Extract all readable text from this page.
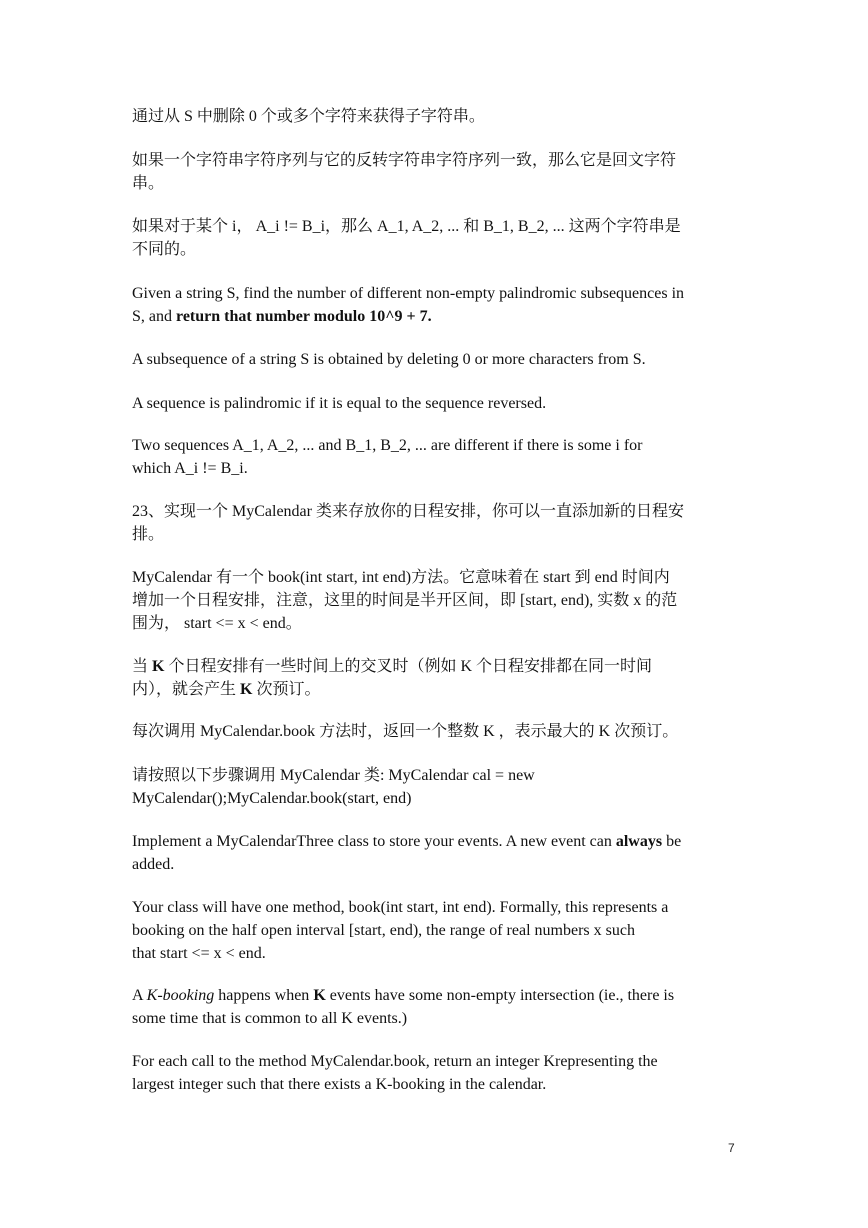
通过从 S 中删除 0 个或多个字符来获得子字符串。

如果一个字符串字符序列与它的反转字符串字符序列一致，那么它是回文字符
串。

如果对于某个 i， A_i != B_i，那么 A_1, A_2, ... 和 B_1, B_2, ... 这两个字符串是
不同的。

Given a string S, find the number of different non-empty palindromic subsequences in
S, and return that number modulo 10^9 + 7.

A subsequence of a string S is obtained by deleting 0 or more characters from S.

A sequence is palindromic if it is equal to the sequence reversed.

Two sequences A_1, A_2, ... and B_1, B_2, ... are different if there is some i for
which A_i != B_i.

23、实现一个 MyCalendar 类来存放你的日程安排，你可以一直添加新的日程安
排。

MyCalendar 有一个 book(int start, int end)方法。它意味着在 start 到 end 时间内
增加一个日程安排，注意，这里的时间是半开区间，即 [start, end), 实数 x 的范
围为， start <= x < end。

当 K 个日程安排有一些时间上的交叉时（例如 K 个日程安排都在同一时间
内），就会产生 K 次预订。

每次调用 MyCalendar.book 方法时，返回一个整数 K ，表示最大的 K 次预订。

请按照以下步骤调用 MyCalendar 类: MyCalendar cal = new
MyCalendar();MyCalendar.book(start, end)

Implement a MyCalendarThree class to store your events. A new event can always be
added.

Your class will have one method, book(int start, int end). Formally, this represents a
booking on the half open interval [start, end), the range of real numbers x such
that start <= x < end.

A K-booking happens when K events have some non-empty intersection (ie., there is
some time that is common to all K events.)

For each call to the method MyCalendar.book, return an integer Krepresenting the
largest integer such that there exists a K-booking in the calendar.

7
